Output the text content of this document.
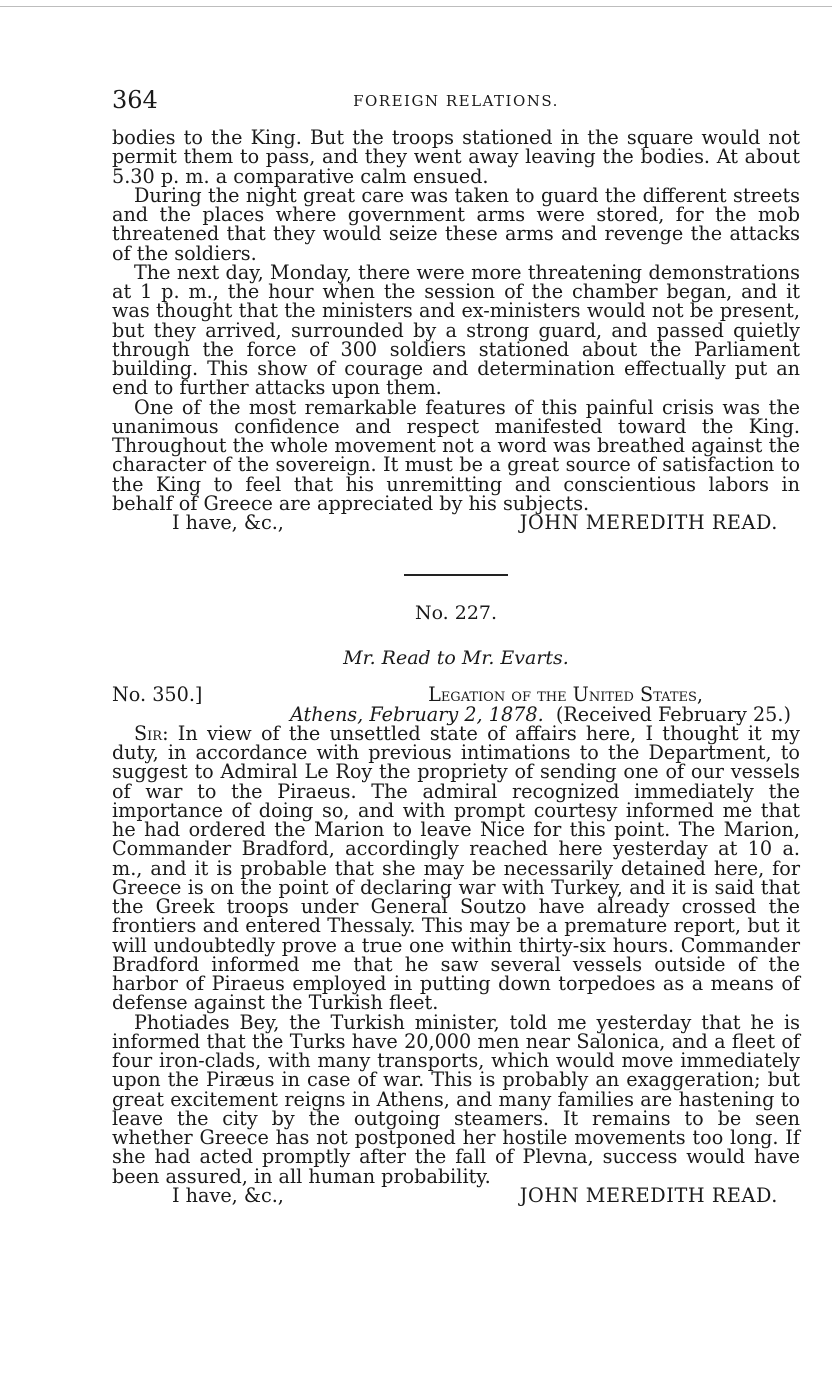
364	FOREIGN RELATIONS.

bodies to the King. But the troops stationed in the square would not permit them to pass, and they went away leaving the bodies. At about 5.30 p. m. a comparative calm ensued.

During the night great care was taken to guard the different streets and the places where government arms were stored, for the mob threatened that they would seize these arms and revenge the attacks of the soldiers.

The next day, Monday, there were more threatening demonstrations at 1 p. m., the hour when the session of the chamber began, and it was thought that the ministers and ex-ministers would not be present, but they arrived, surrounded by a strong guard, and passed quietly through the force of 300 soldiers stationed about the Parliament building. This show of courage and determination effectually put an end to further attacks upon them.

One of the most remarkable features of this painful crisis was the unanimous confidence and respect manifested toward the King. Throughout the whole movement not a word was breathed against the character of the sovereign. It must be a great source of satisfaction to the King to feel that his unremitting and conscientious labors in behalf of Greece are appreciated by his subjects.

I have, &c.,	JOHN MEREDITH READ.
No. 227.
Mr. Read to Mr. Evarts.
No. 350.]	Legation of the United States,
Athens, February 2, 1878. (Received February 25.)

Sir: In view of the unsettled state of affairs here, I thought it my duty, in accordance with previous intimations to the Department, to suggest to Admiral Le Roy the propriety of sending one of our vessels of war to the Piraeus. The admiral recognized immediately the importance of doing so, and with prompt courtesy informed me that he had ordered the Marion to leave Nice for this point. The Marion, Commander Bradford, accordingly reached here yesterday at 10 a. m., and it is probable that she may be necessarily detained here, for Greece is on the point of declaring war with Turkey, and it is said that the Greek troops under General Soutzo have already crossed the frontiers and entered Thessaly. This may be a premature report, but it will undoubtedly prove a true one within thirty-six hours. Commander Bradford informed me that he saw several vessels outside of the harbor of Piraeus employed in putting down torpedoes as a means of defense against the Turkish fleet.

Photiades Bey, the Turkish minister, told me yesterday that he is informed that the Turks have 20,000 men near Salonica, and a fleet of four iron-clads, with many transports, which would move immediately upon the Piræus in case of war. This is probably an exaggeration; but great excitement reigns in Athens, and many families are hastening to leave the city by the outgoing steamers. It remains to be seen whether Greece has not postponed her hostile movements too long. If she had acted promptly after the fall of Plevna, success would have been assured, in all human probability.

I have, &c.,	JOHN MEREDITH READ.
